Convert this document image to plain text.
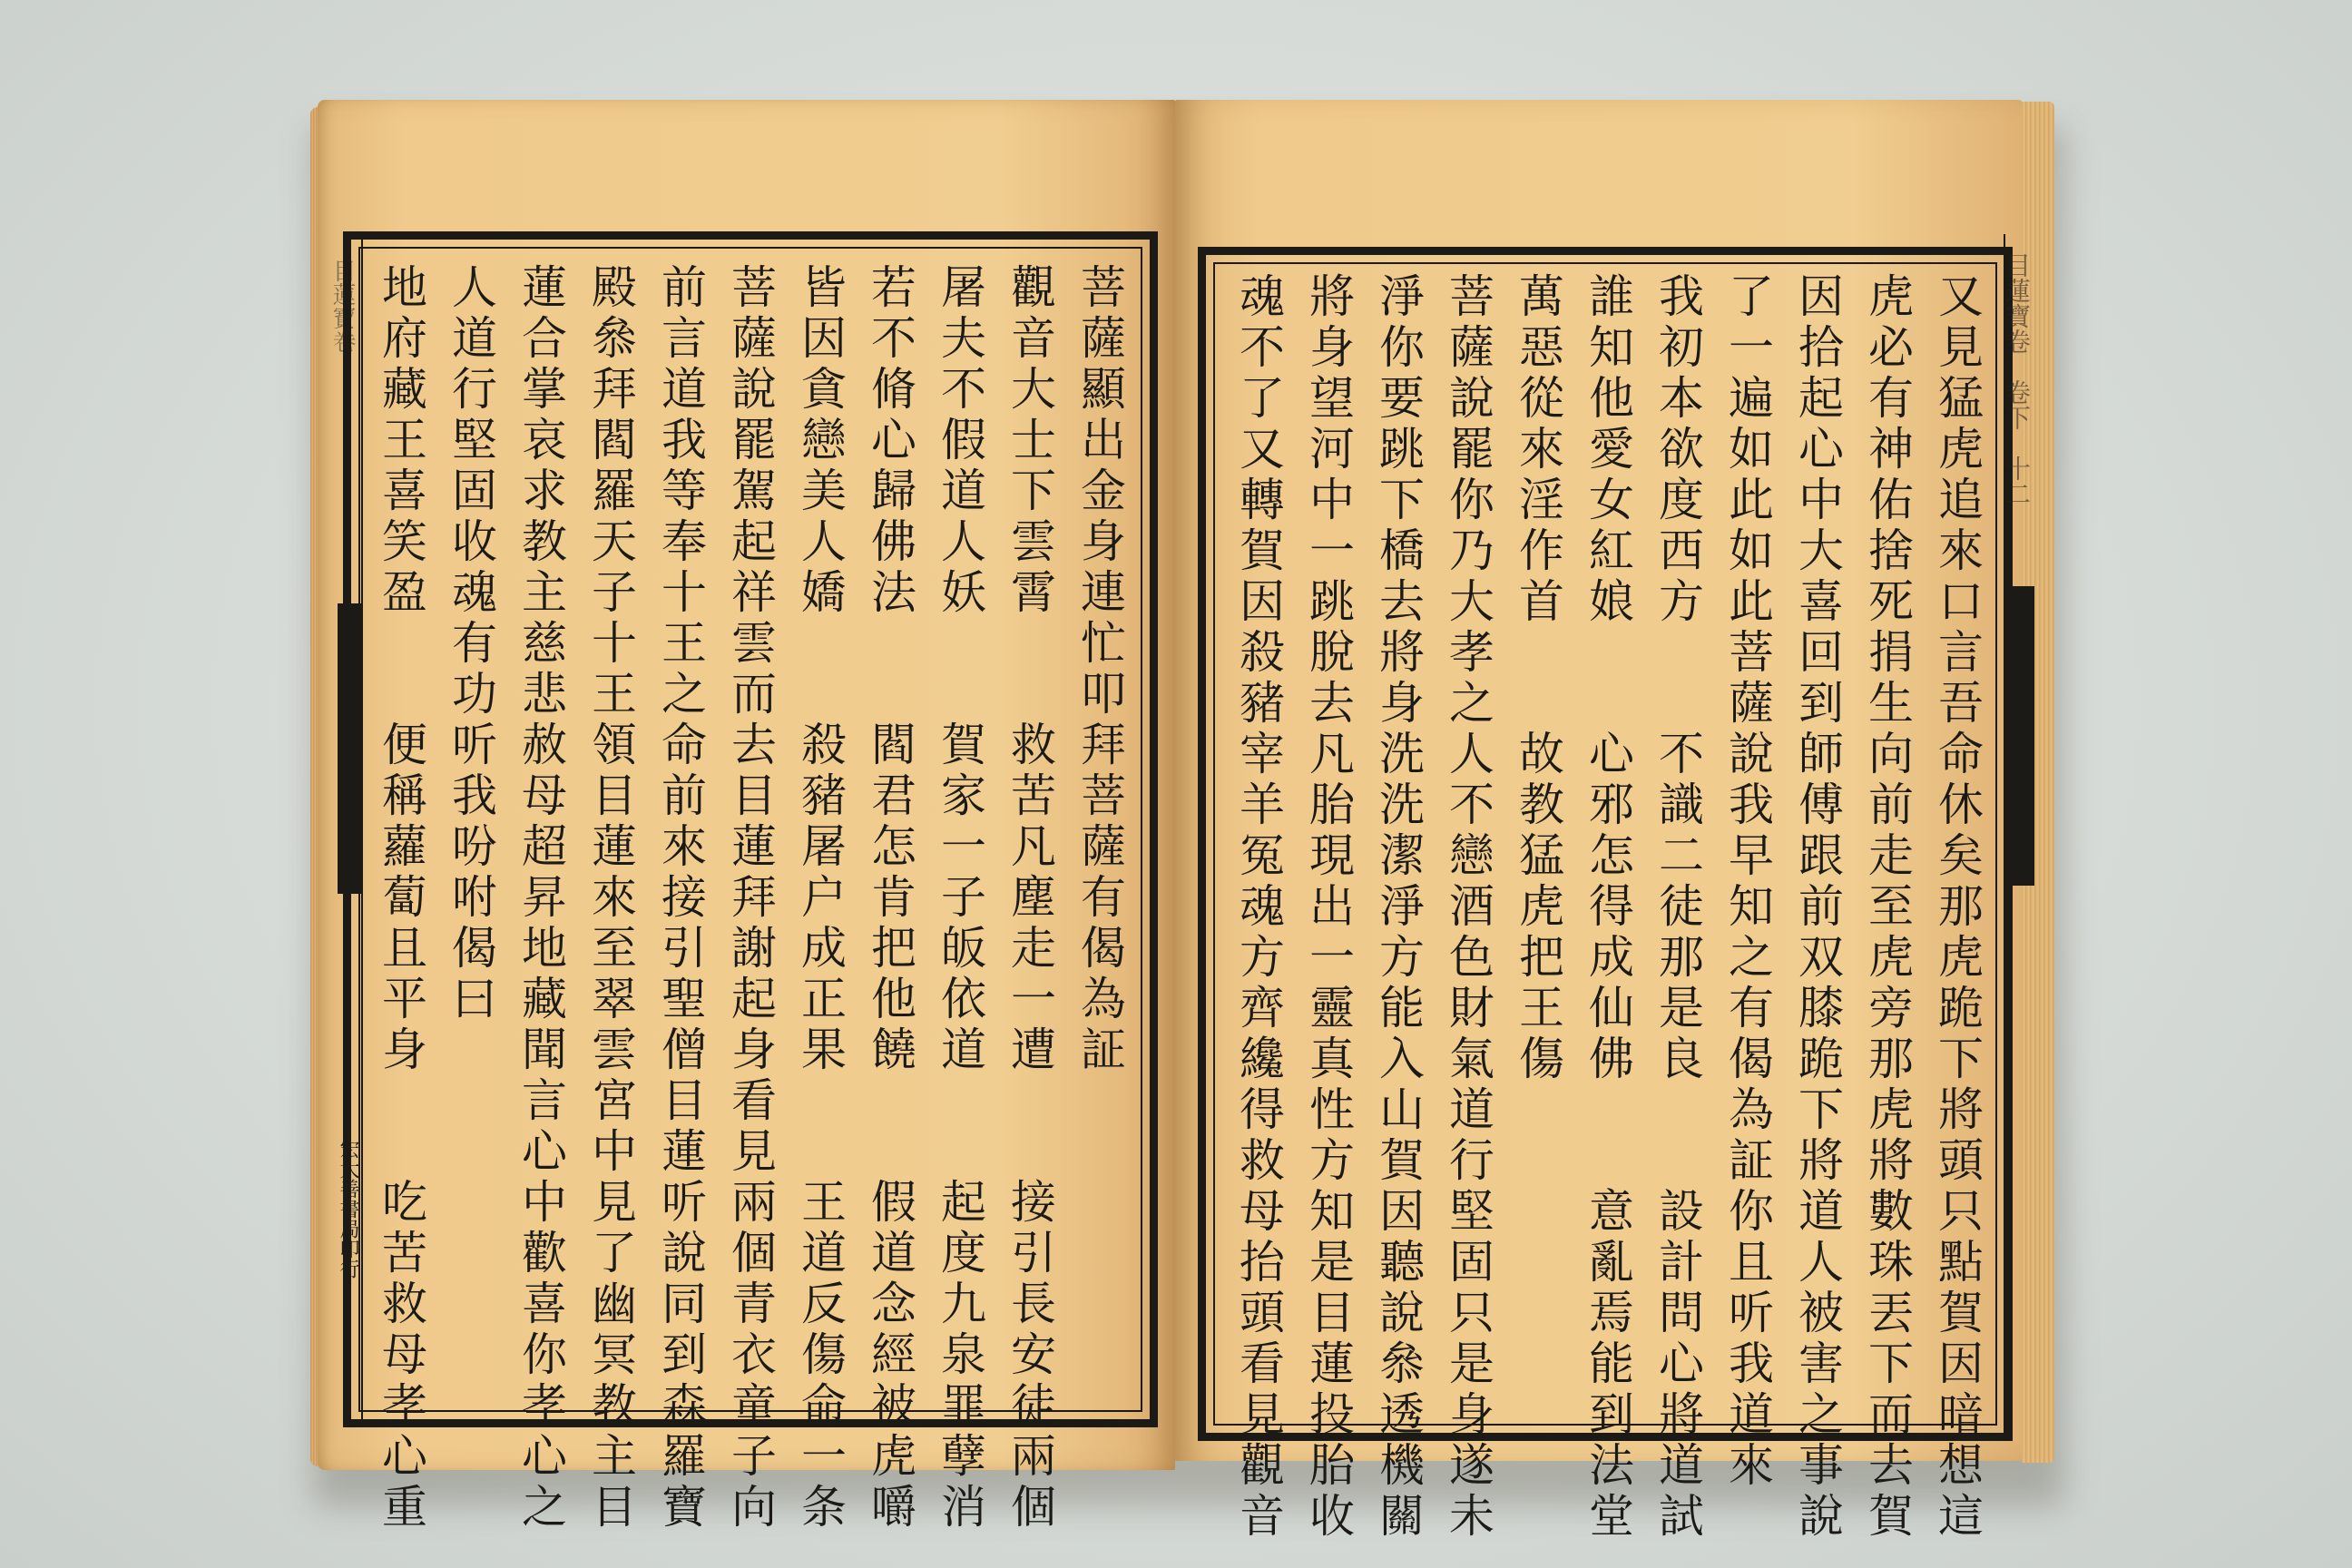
目蓮寶卷
宏大善書局印行
菩薩顯出金身連忙叩拜菩薩有偈為証
觀音大士下雲霄　　救苦凡塵走一遭　　接引長安徒兩個
屠夫不假道人妖　　賀家一子皈依道　　起度九泉罪孽消
若不脩心歸佛法　　閻君怎肯把他饒　　假道念經被虎嚼
皆因貪戀美人嬌　　殺豬屠户成正果　　王道反傷命一条
菩薩說罷駕起祥雲而去目蓮拜謝起身看見兩個青衣童子向
前言道我等奉十王之命前來接引聖僧目蓮听說同到森羅寶
殿叅拜閻羅天子十王領目蓮來至翠雲宮中見了幽冥教主目
蓮合掌哀求教主慈悲赦母超昇地藏聞言心中歡喜你孝心之
人道行堅固收魂有功听我吩咐偈曰
地府藏王喜笑盈　　便稱蘿蔔且平身　　吃苦救母孝心重	目蓮寶卷　卷下　十二
又見猛虎追來口言吾命休矣那虎跪下將頭只點賀因暗想這
虎必有神佑捨死捐生向前走至虎旁那虎將數珠丟下而去賀
因拾起心中大喜回到師傅跟前双膝跪下將道人被害之事說
了一遍如此如此菩薩說我早知之有偈為証你且听我道來
我初本欲度西方　　不識二徒那是良　　設計問心將道試
誰知他愛女紅娘　　心邪怎得成仙佛　　意亂焉能到法堂
萬惡從來淫作首　　故教猛虎把王傷
菩薩說罷你乃大孝之人不戀酒色財氣道行堅固只是身遂未
淨你要跳下橋去將身洗洗潔淨方能入山賀因聽說叅透機關
將身望河中一跳脫去凡胎現出一靈真性方知是目蓮投胎收
魂不了又轉賀因殺豬宰羊冤魂方齊纔得救母抬頭看見觀音
